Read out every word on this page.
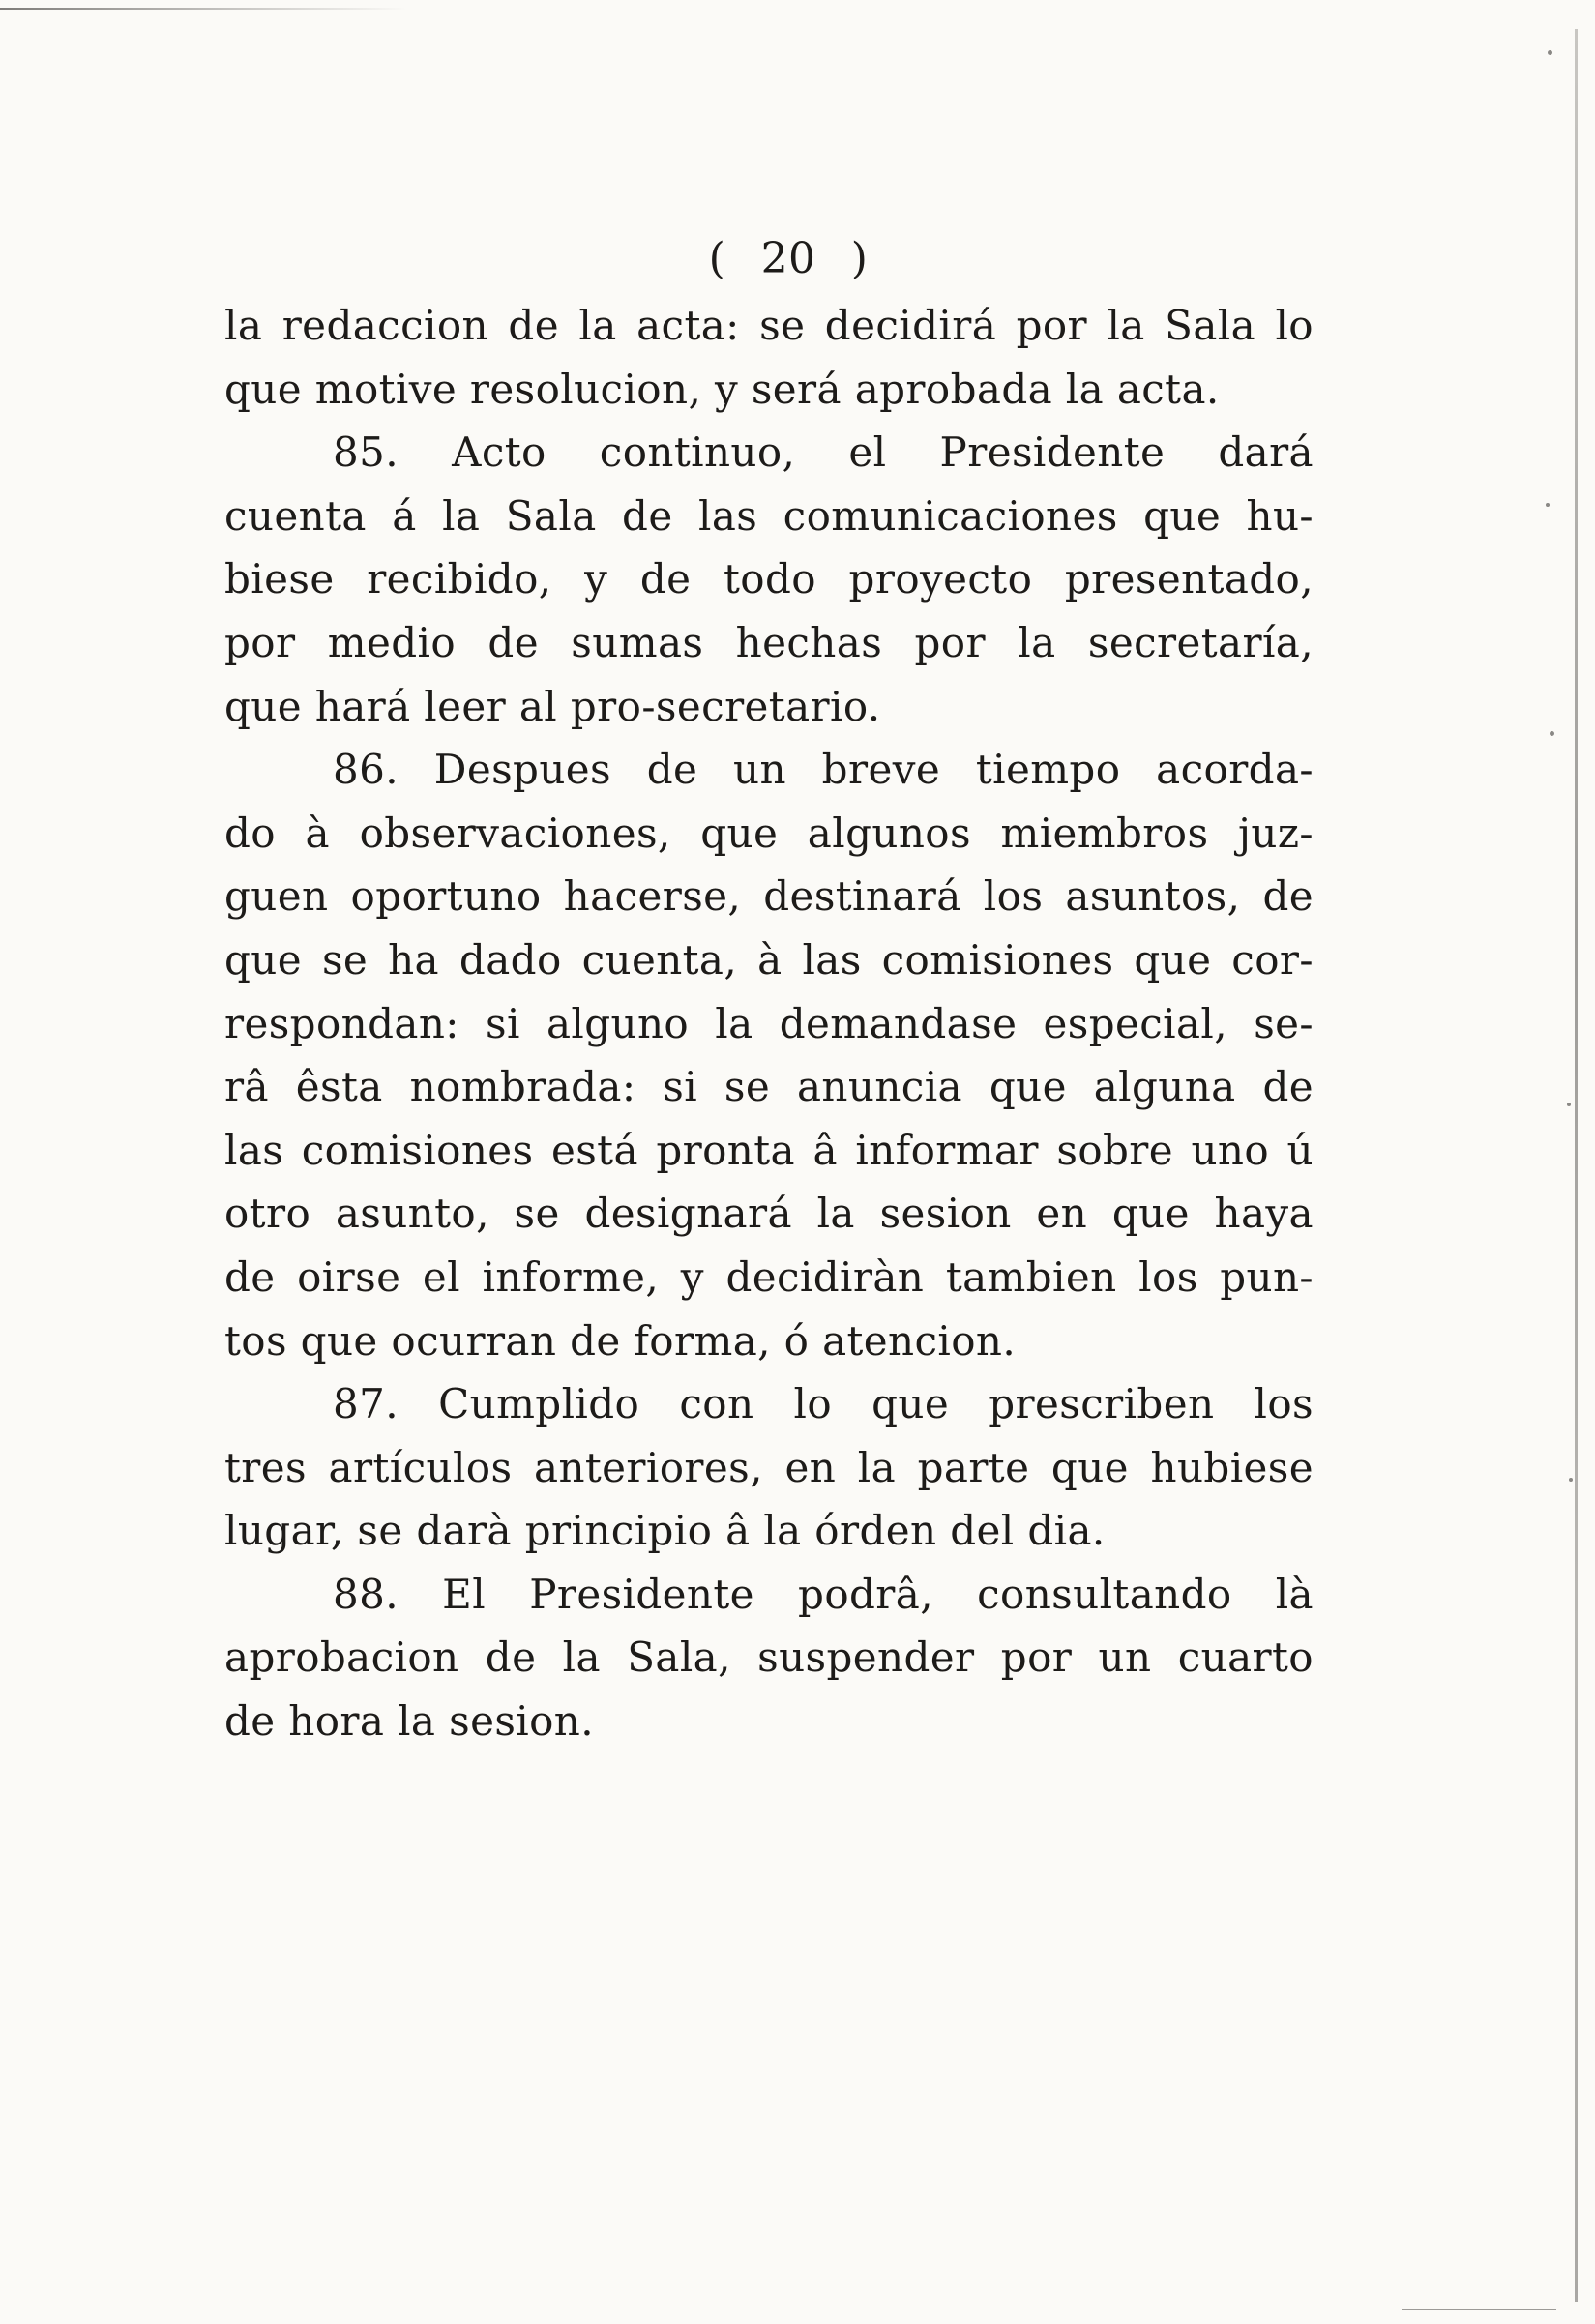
( 20 )
la redaccion de la acta: se decidirá por la Sala lo
que motive resolucion, y será aprobada la acta.
85. Acto continuo, el Presidente dará
cuenta á la Sala de las comunicaciones que hu-
biese recibido, y de todo proyecto presentado,
por medio de sumas hechas por la secretaría,
que hará leer al pro-secretario.
86. Despues de un breve tiempo acorda-
do à observaciones, que algunos miembros juz-
guen oportuno hacerse, destinará los asuntos, de
que se ha dado cuenta, à las comisiones que cor-
respondan: si alguno la demandase especial, se-
râ êsta nombrada: si se anuncia que alguna de
las comisiones está pronta â informar sobre uno ú
otro asunto, se designará la sesion en que haya
de oirse el informe, y decidiràn tambien los pun-
tos que ocurran de forma, ó atencion.
87. Cumplido con lo que prescriben los
tres artículos anteriores, en la parte que hubiese
lugar, se darà principio â la órden del dia.
88. El Presidente podrâ, consultando là
aprobacion de la Sala, suspender por un cuarto
de hora la sesion.
